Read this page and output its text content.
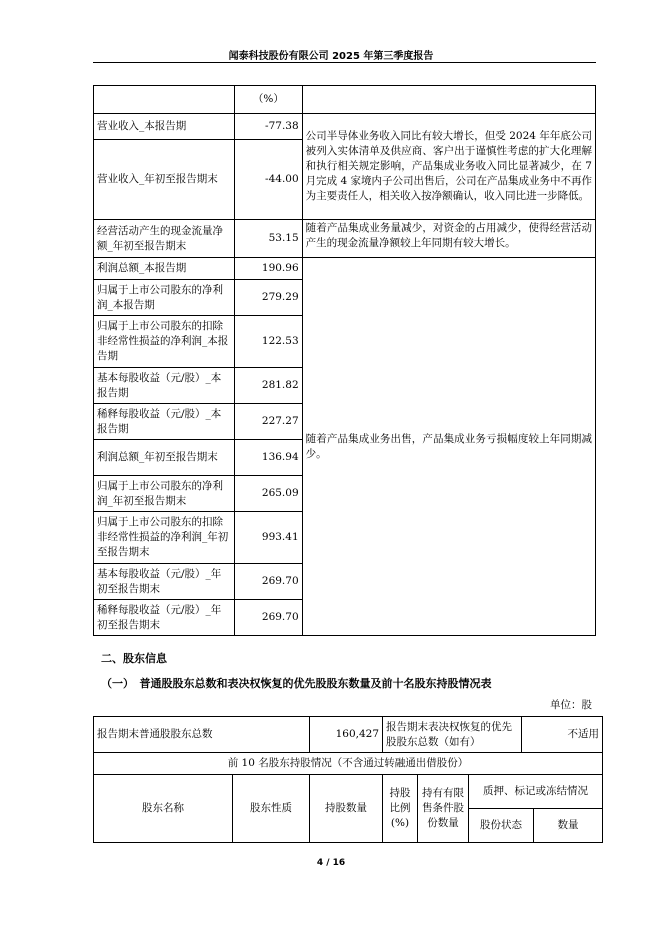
闻泰科技股份有限公司 2025 年第三季度报告
	（%）	
营业收入_本报告期	-77.38	公司半导体业务收入同比有较大增长，但受 2024 年年底公司被列入实体清单及供应商、客户出于谨慎性考虑的扩大化理解和执行相关规定影响，产品集成业务收入同比显著减少，在 7 月完成 4 家境内子公司出售后，公司在产品集成业务中不再作为主要责任人，相关收入按净额确认，收入同比进一步降低。
营业收入_年初至报告期末	-44.00	
经营活动产生的现金流量净额_年初至报告期末	53.15	随着产品集成业务量减少，对资金的占用减少，使得经营活动产生的现金流量净额较上年同期有较大增长。
利润总额_本报告期	190.96	随着产品集成业务出售，产品集成业务亏损幅度较上年同期减少。
归属于上市公司股东的净利润_本报告期	279.29	
归属于上市公司股东的扣除非经常性损益的净利润_本报告期	122.53	
基本每股收益（元/股）_本报告期	281.82	
稀释每股收益（元/股）_本报告期	227.27	
利润总额_年初至报告期末	136.94	
归属于上市公司股东的净利润_年初至报告期末	265.09	
归属于上市公司股东的扣除非经常性损益的净利润_年初至报告期末	993.41	
基本每股收益（元/股）_年初至报告期末	269.70	
稀释每股收益（元/股）_年初至报告期末	269.70	
二、股东信息
（一）　普通股股东总数和表决权恢复的优先股股东数量及前十名股东持股情况表
单位：股
报告期末普通股股东总数		160,427	报告期末表决权恢复的优先股股东总数（如有）			不适用	
前 10 名股东持股情况（不含通过转融通出借股份）							
股东名称	股东性质	持股数量	持股比例(%)	持有有限售条件股份数量	质押、标记或冻结情况		
					股份状态		数量
4 / 16
